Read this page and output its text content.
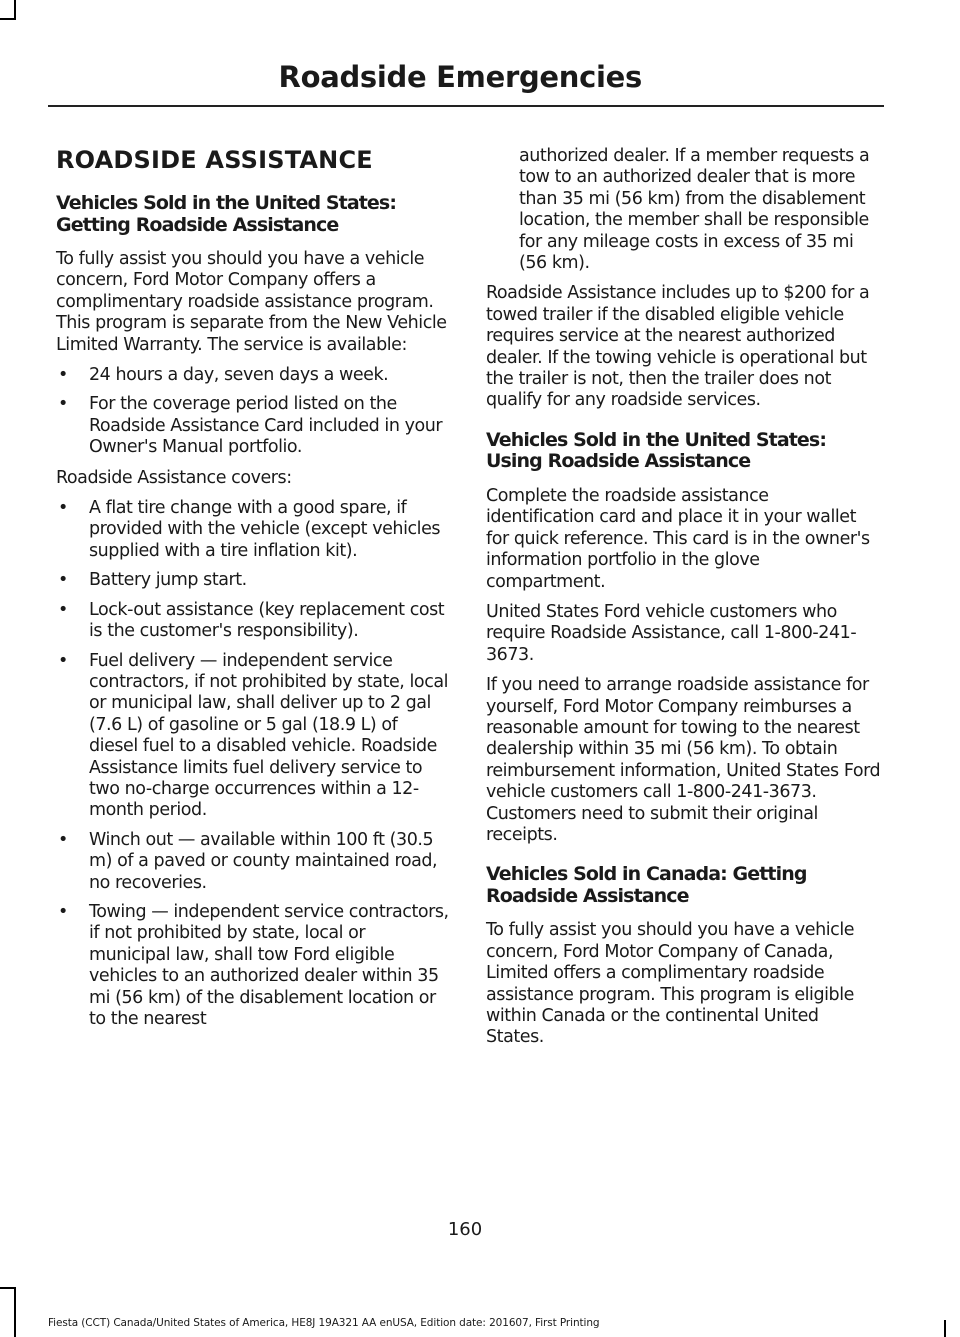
Roadside Emergencies
ROADSIDE ASSISTANCE
Vehicles Sold in the United States: Getting Roadside Assistance

To fully assist you should you have a vehicle concern, Ford Motor Company offers a complimentary roadside assistance program. This program is separate from the New Vehicle Limited Warranty. The service is available:

• 24 hours a day, seven days a week.
• For the coverage period listed on the Roadside Assistance Card included in your Owner's Manual portfolio.

Roadside Assistance covers:

• A flat tire change with a good spare, if provided with the vehicle (except vehicles supplied with a tire inflation kit).
• Battery jump start.
• Lock-out assistance (key replacement cost is the customer's responsibility).
• Fuel delivery — independent service contractors, if not prohibited by state, local or municipal law, shall deliver up to 2 gal (7.6 L) of gasoline or 5 gal (18.9 L) of diesel fuel to a disabled vehicle. Roadside Assistance limits fuel delivery service to two no-charge occurrences within a 12-month period.
• Winch out — available within 100 ft (30.5 m) of a paved or county maintained road, no recoveries.
• Towing — independent service contractors, if not prohibited by state, local or municipal law, shall tow Ford eligible vehicles to an authorized dealer within 35 mi (56 km) of the disablement location or to the nearest
authorized dealer. If a member requests a tow to an authorized dealer that is more than 35 mi (56 km) from the disablement location, the member shall be responsible for any mileage costs in excess of 35 mi (56 km).

Roadside Assistance includes up to $200 for a towed trailer if the disabled eligible vehicle requires service at the nearest authorized dealer. If the towing vehicle is operational but the trailer is not, then the trailer does not qualify for any roadside services.

Vehicles Sold in the United States: Using Roadside Assistance

Complete the roadside assistance identification card and place it in your wallet for quick reference. This card is in the owner's information portfolio in the glove compartment.

United States Ford vehicle customers who require Roadside Assistance, call 1-800-241-3673.

If you need to arrange roadside assistance for yourself, Ford Motor Company reimburses a reasonable amount for towing to the nearest dealership within 35 mi (56 km). To obtain reimbursement information, United States Ford vehicle customers call 1-800-241-3673. Customers need to submit their original receipts.

Vehicles Sold in Canada: Getting Roadside Assistance

To fully assist you should you have a vehicle concern, Ford Motor Company of Canada, Limited offers a complimentary roadside assistance program. This program is eligible within Canada or the continental United States.

160
Fiesta (CCT) Canada/United States of America, HE8J 19A321 AA enUSA, Edition date: 201607, First Printing
